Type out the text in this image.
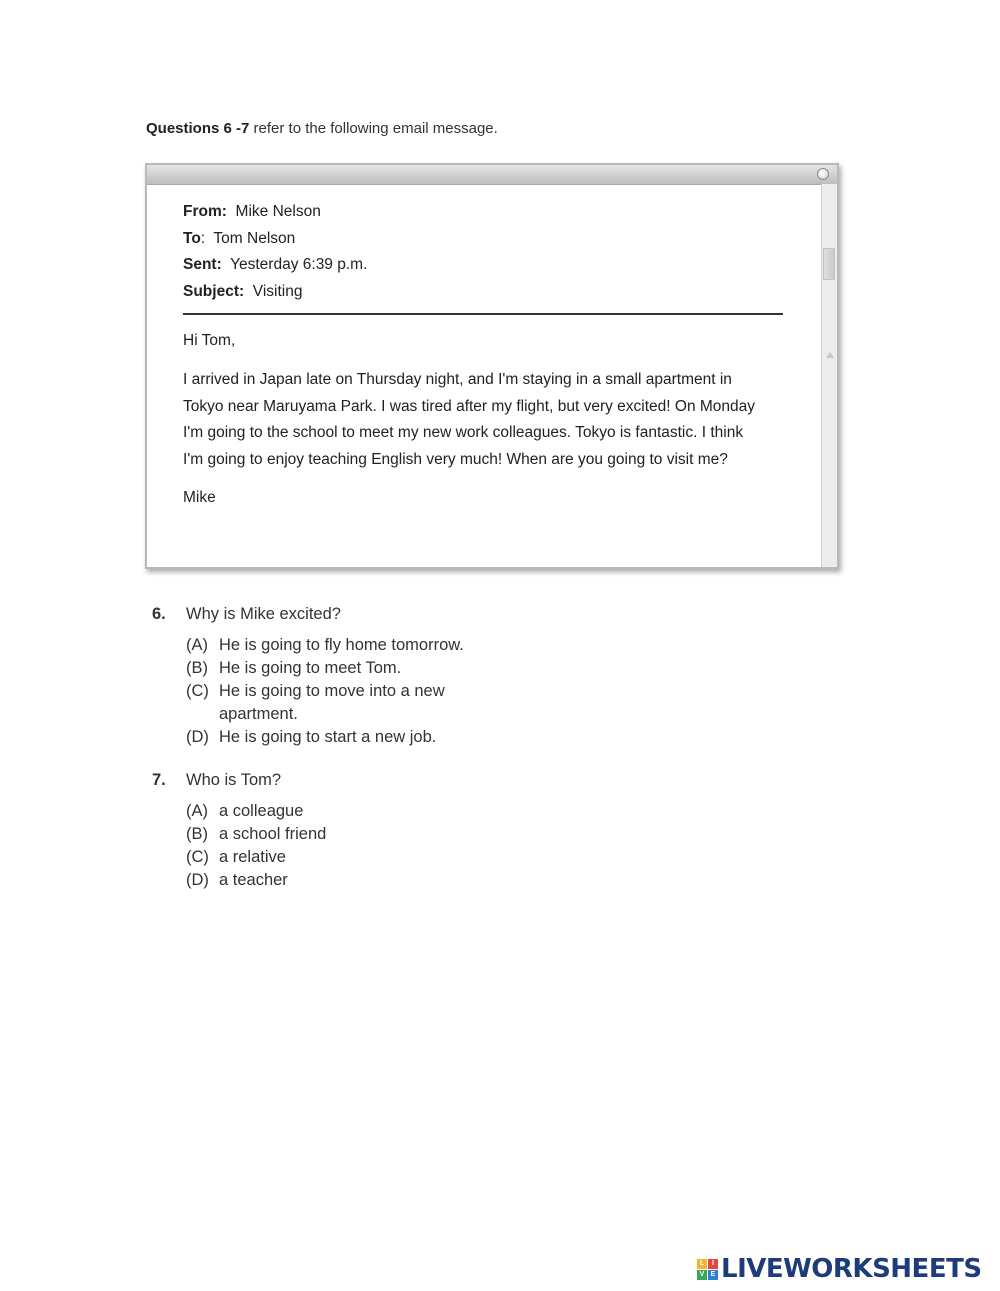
Questions 6 -7 refer to the following email message.
From: Mike Nelson
To:  Tom Nelson
Sent: Yesterday 6:39 p.m.
Subject: Visiting
Hi Tom,

I arrived in Japan late on Thursday night, and I'm staying in a small apartment in

Tokyo near Maruyama Park. I was tired after my flight, but very excited! On Monday

I'm going to the school to meet my new work colleagues. Tokyo is fantastic. I think

I'm going to enjoy teaching English very much! When are you going to visit me?

Mike
6. Why is Mike excited?
(A) He is going to fly home tomorrow.
(B) He is going to meet Tom.
(C) He is going to move into a new apartment.
(D) He is going to start a new job.
7. Who is Tom?
(A) a colleague
(B) a school friend
(C) a relative
(D) a teacher
L	I
V E LIVEWORKSHEETS
